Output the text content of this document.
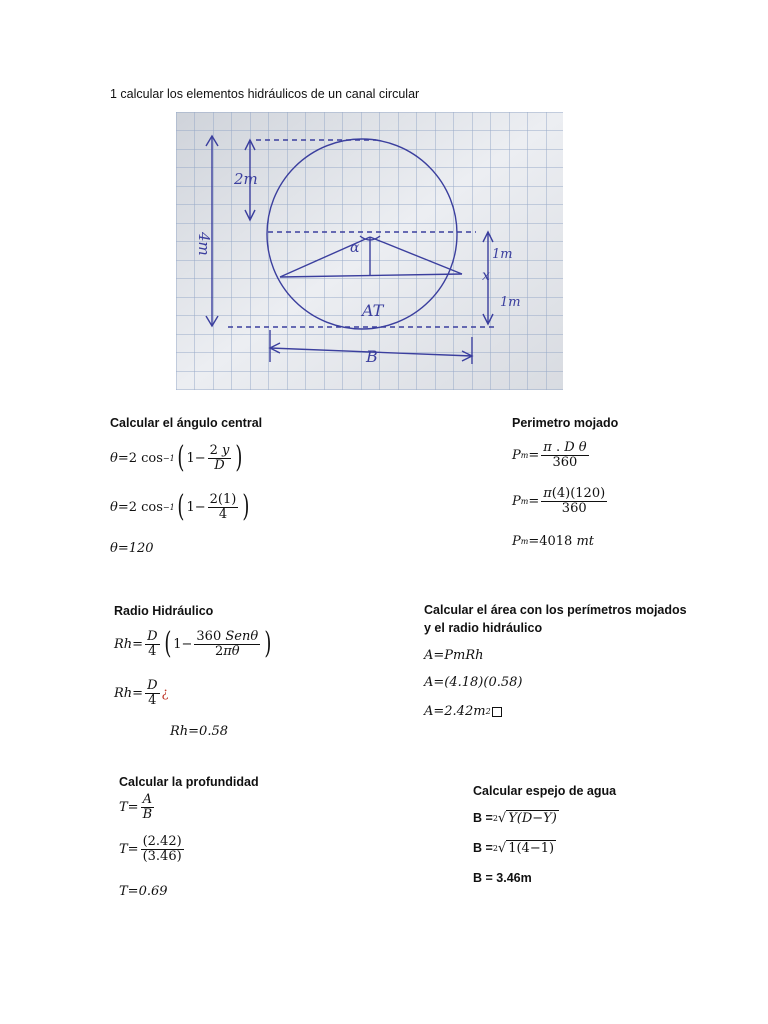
1 calcular los elementos hidráulicos de un canal circular
2m
4m	α	1m
x
1m
AT
B
Calcular el ángulo central
θ =2
cos −1 ( $1- \frac{2 y}{D}$ )
θ =2
cos −1 ( $1- \frac{2(1)}{4}$ )
θ=120
Perimetro mojado
P $m = \frac{\text{π . D θ}}{360}$
P $m = \frac{\pi(4)(120)}{360}$
P m =4018
mt
Radio Hidráulico
$Rh = \frac{D}{4}$ ( $1- \frac{\text{360 Senθ}}{2\pi\theta}$ )
$Rh = \frac{D}{4}$ ¿
Rh=0.58
Calcular el área con los perímetros mojados y el radio hidráulico
A=PmRh
A=(4.18)(0.58)
A=2.42m 2
Calcular la profundidad
$T = \frac{A}{B}$
$T = \frac{(2.42)}{(3.46)}$
T=0.69
Calcular espejo de agua
B = 2 √ Y(D−Y)
B = 2 √ 1(4−1)
B = 3.46m
